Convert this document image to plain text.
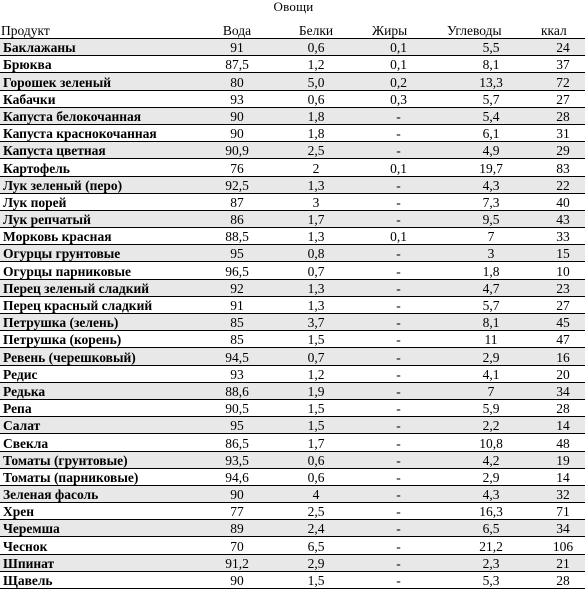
Овощи
Продукт	Вода	Белки	Жиры	Углеводы	ккал
Баклажаны	91	0,6	0,1	5,5	24
Брюква	87,5	1,2	0,1	8,1	37
Горошек зеленый	80	5,0	0,2	13,3	72
Кабачки	93	0,6	0,3	5,7	27
Капуста белокочанная	90	1,8	-	5,4	28
Капуста краснокочанная	90	1,8	-	6,1	31
Капуста цветная	90,9	2,5	-	4,9	29
Картофель	76	2	0,1	19,7	83
Лук зеленый (перо)	92,5	1,3	-	4,3	22
Лук порей	87	3	-	7,3	40
Лук репчатый	86	1,7	-	9,5	43
Морковь красная	88,5	1,3	0,1	7	33
Огурцы грунтовые	95	0,8	-	3	15
Огурцы парниковые	96,5	0,7	-	1,8	10
Перец зеленый сладкий	92	1,3	-	4,7	23
Перец красный сладкий	91	1,3	-	5,7	27
Петрушка (зелень)	85	3,7	-	8,1	45
Петрушка (корень)	85	1,5	-	11	47
Ревень (черешковый)	94,5	0,7	-	2,9	16
Редис	93	1,2	-	4,1	20
Редька	88,6	1,9	-	7	34
Репа	90,5	1,5	-	5,9	28
Салат	95	1,5	-	2,2	14
Свекла	86,5	1,7	-	10,8	48
Томаты (грунтовые)	93,5	0,6	-	4,2	19
Томаты (парниковые)	94,6	0,6	-	2,9	14
Зеленая фасоль	90	4	-	4,3	32
Хрен	77	2,5	-	16,3	71
Черемша	89	2,4	-	6,5	34
Чеснок	70	6,5	-	21,2	106
Шпинат	91,2	2,9	-	2,3	21
Щавель	90	1,5	-	5,3	28
